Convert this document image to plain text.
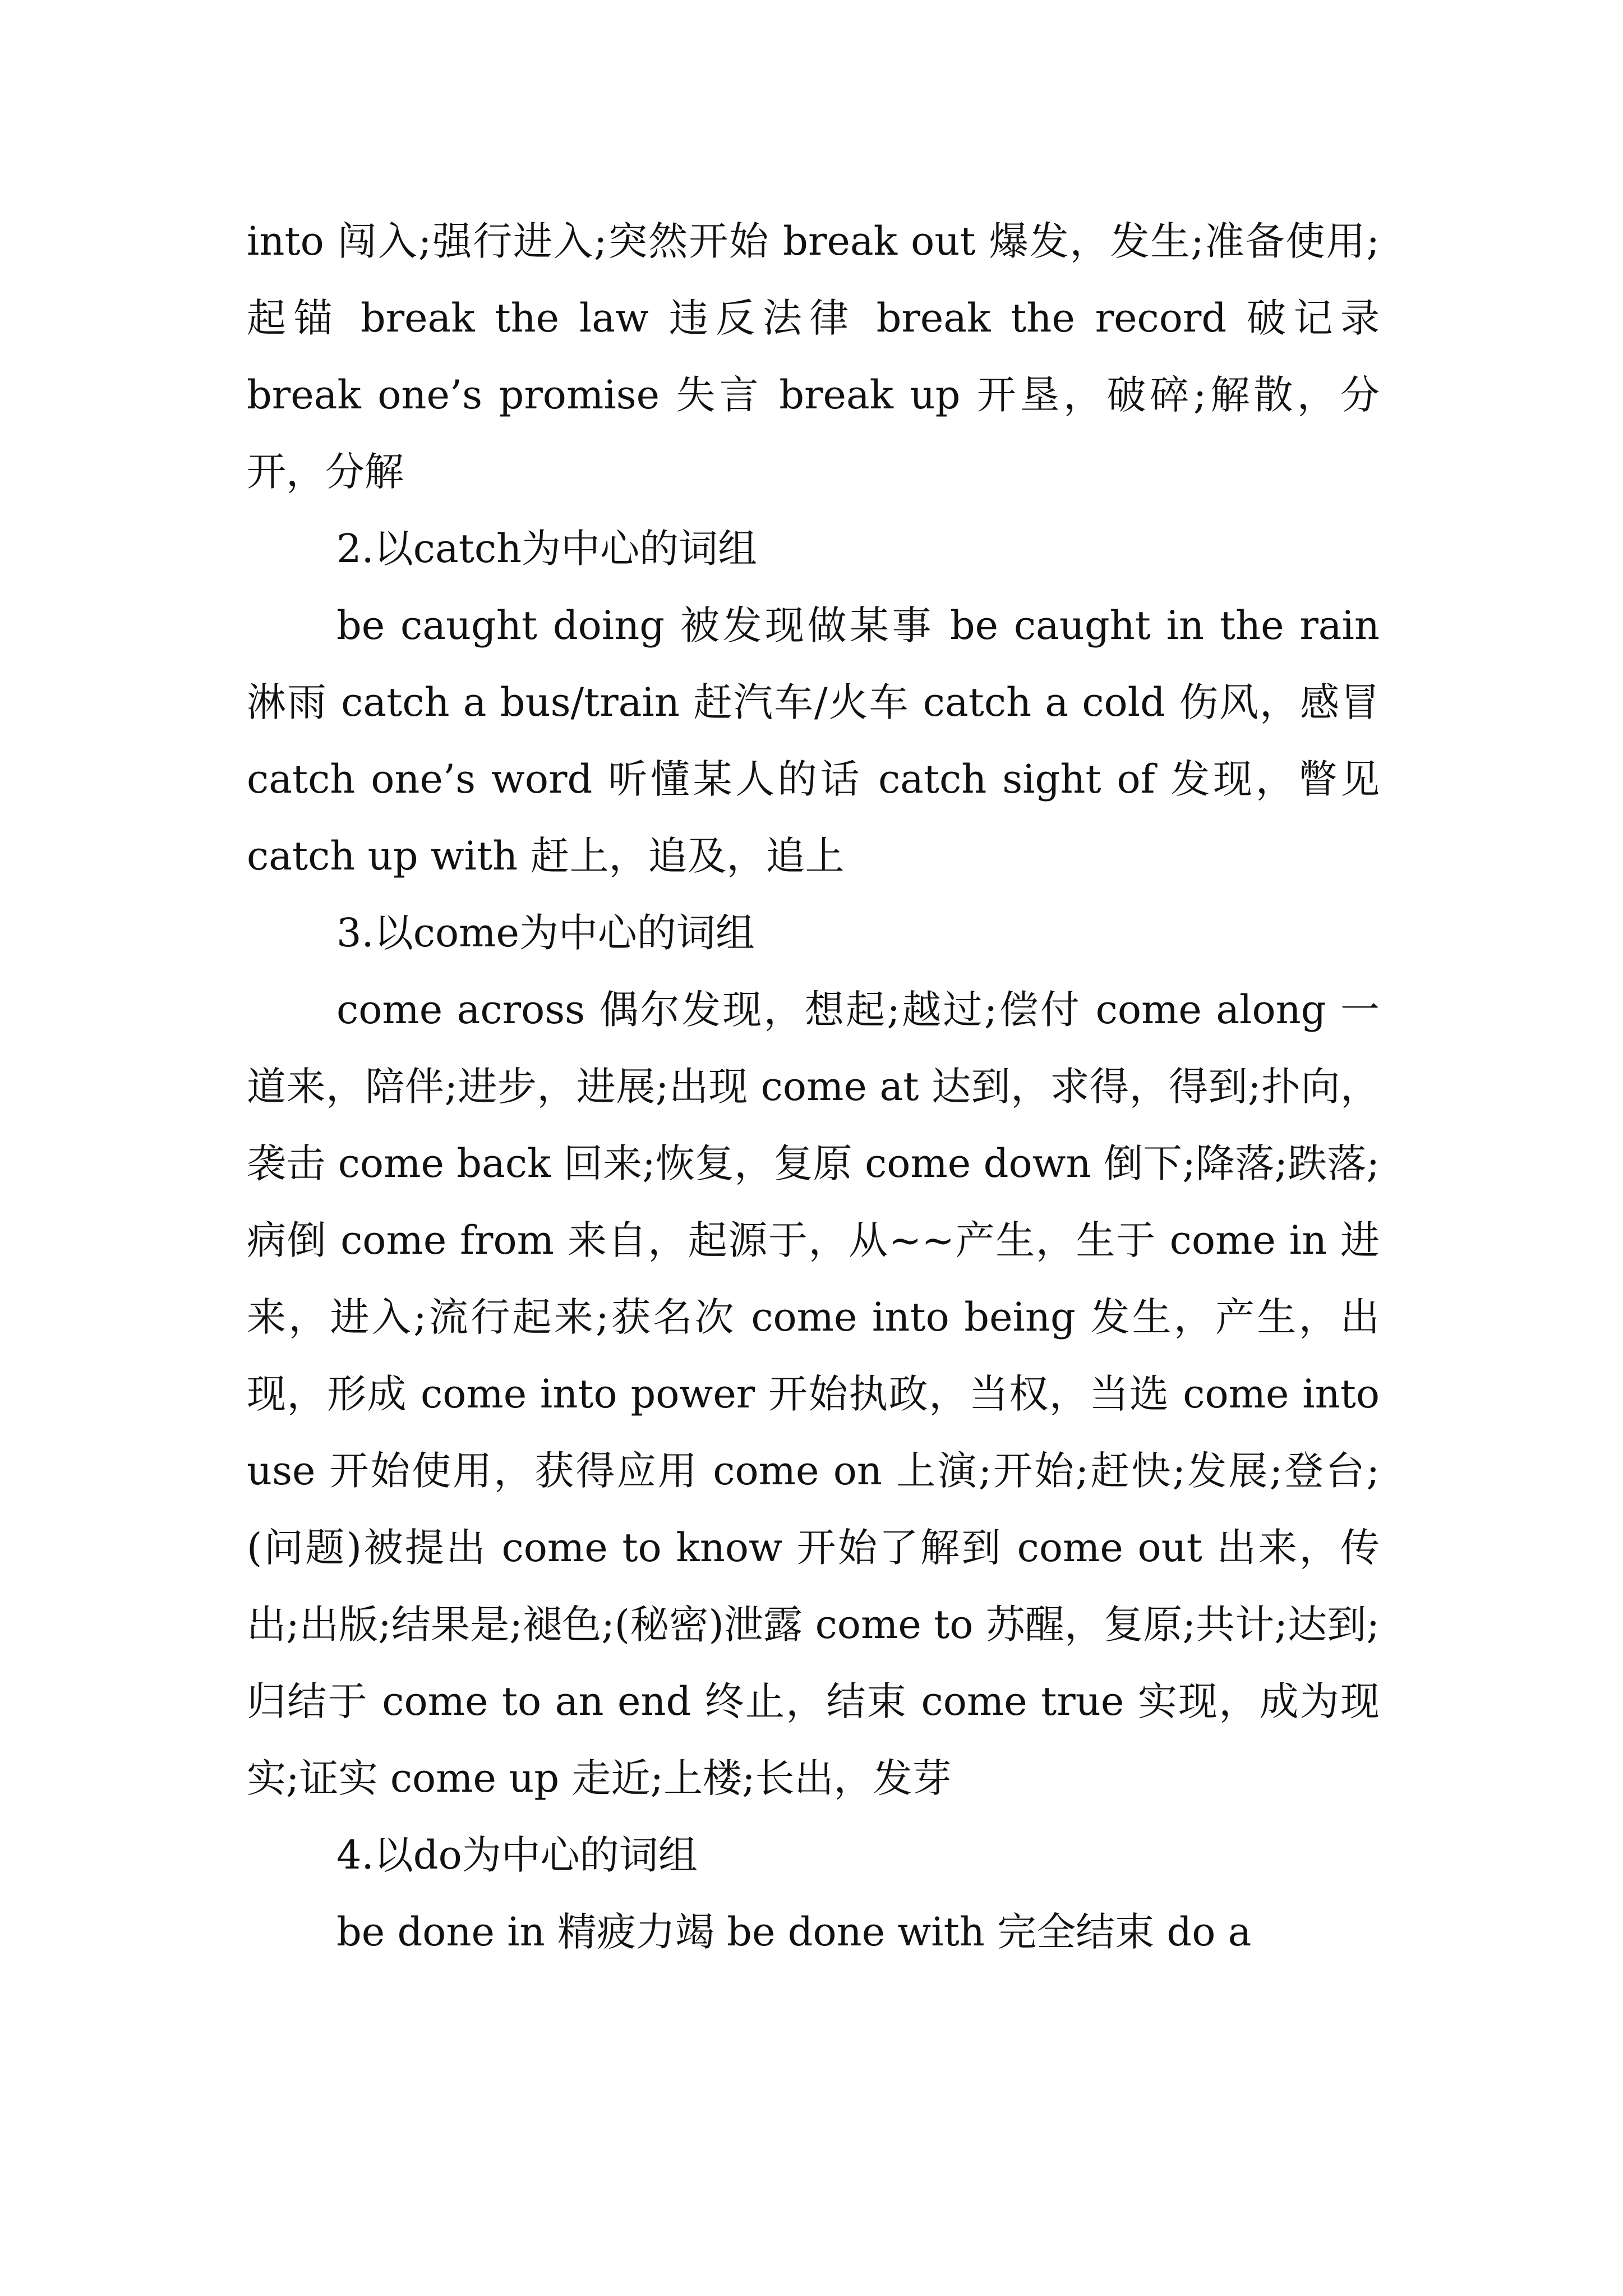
into 闯入;强行进入;突然开始 break out 爆发，发生;准备使用;起锚 break the law 违反法律 break the record 破记录 break one’s promise 失言 break up 开垦，破碎;解散，分开，分解

2.以catch为中心的词组

be caught doing 被发现做某事 be caught in the rain 淋雨 catch a bus/train 赶汽车/火车 catch a cold 伤风，感冒 catch one’s word 听懂某人的话 catch sight of 发现，瞥见 catch up with 赶上，追及，追上

3.以come为中心的词组

come across 偶尔发现，想起;越过;偿付 come along 一道来，陪伴;进步，进展;出现 come at 达到，求得，得到;扑向，袭击 come back 回来;恢复，复原 come down 倒下;降落;跌落;病倒 come from 来自，起源于，从~~产生，生于 come in 进来，进入;流行起来;获名次 come into being 发生，产生，出现，形成 come into power 开始执政，当权，当选 come into use 开始使用，获得应用 come on 上演;开始;赶快;发展;登台;(问题)被提出 come to know 开始了解到 come out 出来，传出;出版;结果是;褪色;(秘密)泄露 come to 苏醒，复原;共计;达到;归结于 come to an end 终止，结束 come true 实现，成为现实;证实 come up 走近;上楼;长出，发芽

4.以do为中心的词组

be done in 精疲力竭 be done with 完全结束 do a
